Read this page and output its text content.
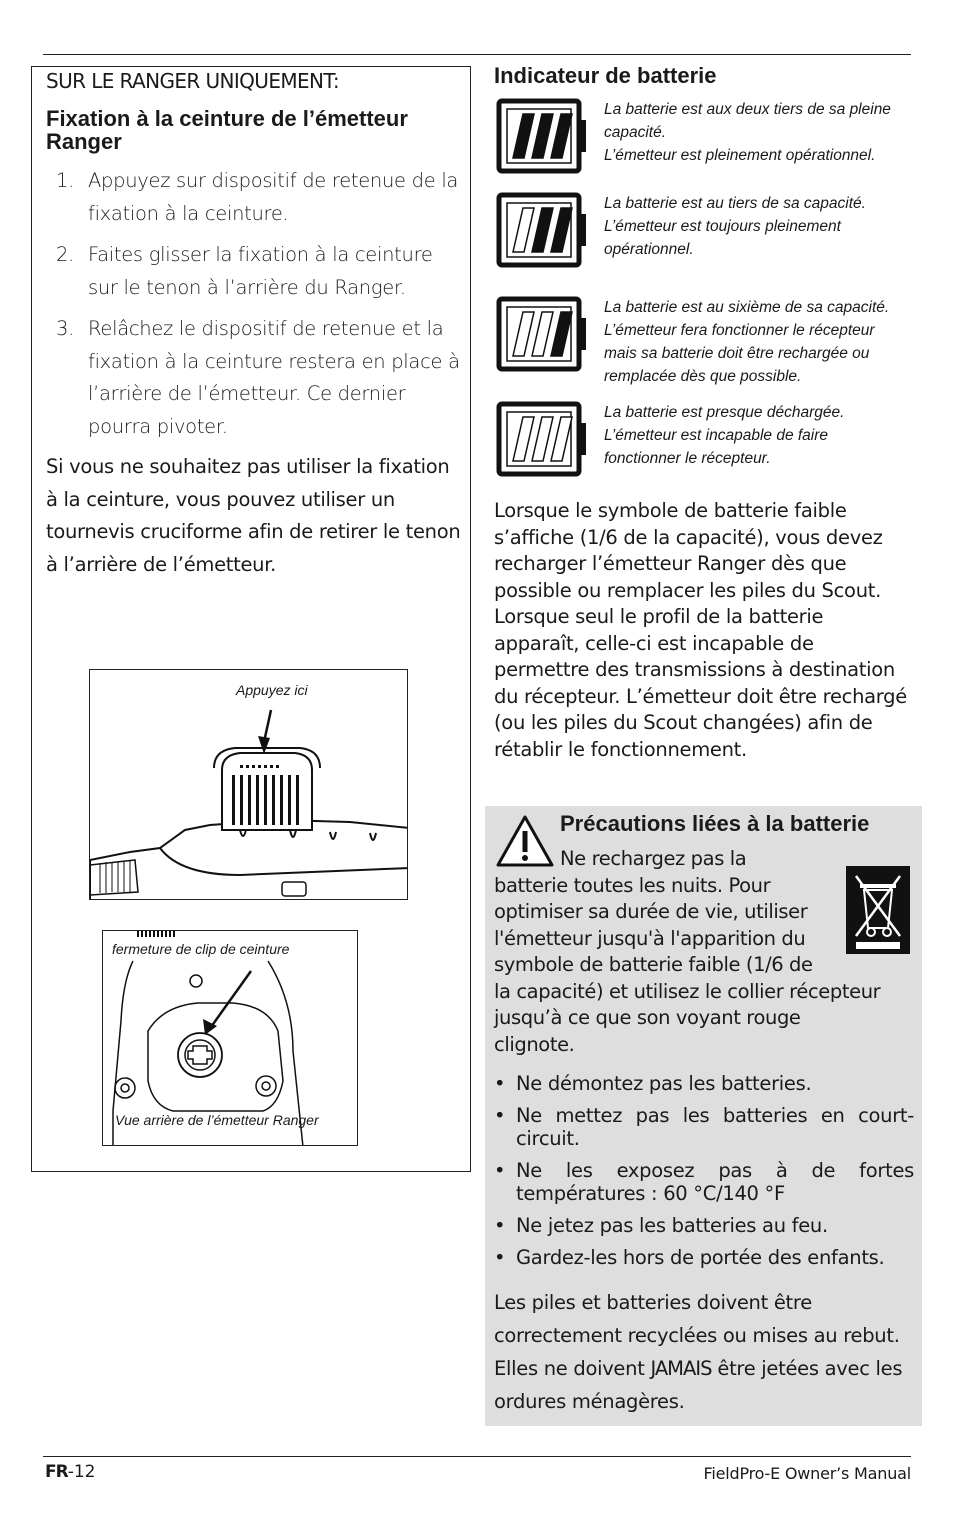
SUR LE RANGER UNIQUEMENT:
Fixation à la ceinture de l’émetteur Ranger
1. Appuyez sur dispositif de retenue de la fixation à la ceinture.
2. Faites glisser la fixation à la ceinture sur le tenon à l’arrière du Ranger.
3. Relâchez le dispositif de retenue et la fixation à la ceinture restera en place à l’arrière de l’émetteur. Ce dernier pourra pivoter.

Si vous ne souhaitez pas utiliser la fixation à la ceinture, vous pouvez utiliser un tournevis cruciforme afin de retirer le tenon à l’arrière de l’émetteur.

Appuyez ici
fermeture de clip de ceinture
Vue arrière de l’émetteur Ranger
Indicateur de batterie
La batterie est aux deux tiers de sa pleine
capacité.
L’émetteur est pleinement opérationnel.
La batterie est au tiers de sa capacité.
L’émetteur est toujours pleinement
opérationnel.
La batterie est au sixième de sa capacité.
L’émetteur fera fonctionner le récepteur
mais sa batterie doit être rechargée ou
remplacée dès que possible.
La batterie est presque déchargée.
L’émetteur est incapable de faire
fonctionner le récepteur.

Lorsque le symbole de batterie faible s’affiche (1/6 de la capacité), vous devez recharger l’émetteur Ranger dès que possible ou remplacer les piles du Scout. Lorsque seul le profil de la batterie apparaît, celle-ci est incapable de permettre des transmissions à destination du récepteur. L’émetteur doit être rechargé (ou les piles du Scout changées) afin de rétablir le fonctionnement.

Précautions liées à la batterie
Ne rechargez pas la
batterie toutes les nuits. Pour
optimiser sa durée de vie, utiliser
l'émetteur jusqu'à l'apparition du
symbole de batterie faible (1/6 de
la capacité) et utilisez le collier récepteur
jusqu’à ce que son voyant rouge
clignote.
• Ne démontez pas les batteries.
• Ne mettez pas les batteries en court-circuit.
• Ne les exposez pas à de fortes températures : 60 °C/140 °F
• Ne jetez pas les batteries au feu.
• Gardez-les hors de portée des enfants.

Les piles et batteries doivent être correctement recyclées ou mises au rebut. Elles ne doivent JAMAIS être jetées avec les ordures ménagères.

FR-12	FieldPro-E Owner’s Manual
